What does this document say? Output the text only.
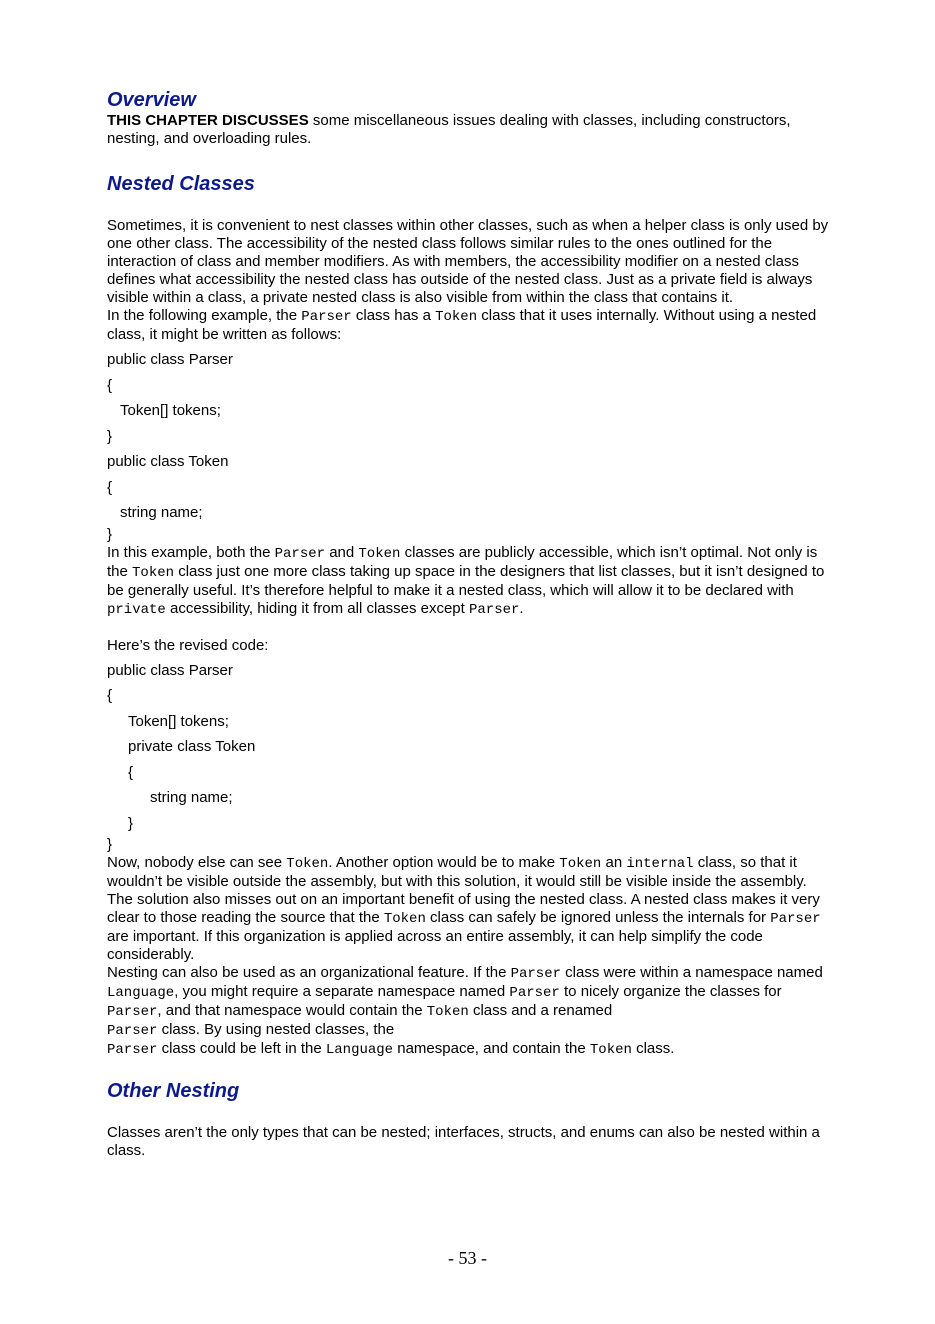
Overview

THIS CHAPTER DISCUSSES some miscellaneous issues dealing with classes, including constructors, nesting, and overloading rules.

Nested Classes

Sometimes, it is convenient to nest classes within other classes, such as when a helper class is only used by one other class. The accessibility of the nested class follows similar rules to the ones outlined for the interaction of class and member modifiers. As with members, the accessibility modifier on a nested class defines what accessibility the nested class has outside of the nested class. Just as a private field is always visible within a class, a private nested class is also visible from within the class that contains it.

In the following example, the Parser class has a Token class that it uses internally. Without using a nested class, it might be written as follows:

public class Parser
{
Token[] tokens;
}
public class Token
{
string name;
}

In this example, both the Parser and Token classes are publicly accessible, which isn’t optimal. Not only is the Token class just one more class taking up space in the designers that list classes, but it isn’t designed to be generally useful. It’s therefore helpful to make it a nested class, which will allow it to be declared with private accessibility, hiding it from all classes except Parser.

Here’s the revised code:

public class Parser
{
Token[] tokens;
private class Token
{
string name;
}
}

Now, nobody else can see Token. Another option would be to make Token an internal class, so that it wouldn’t be visible outside the assembly, but with this solution, it would still be visible inside the assembly.

The solution also misses out on an important benefit of using the nested class. A nested class makes it very clear to those reading the source that the Token class can safely be ignored unless the internals for Parser are important. If this organization is applied across an entire assembly, it can help simplify the code considerably.

Nesting can also be used as an organizational feature. If the Parser class were within a namespace named Language, you might require a separate namespace named Parser to nicely organize the classes for Parser, and that namespace would contain the Token class and a renamed
Parser class. By using nested classes, the
Parser class could be left in the Language namespace, and contain the Token class.

Other Nesting

Classes aren’t the only types that can be nested; interfaces, structs, and enums can also be nested within a class.

- 53 -
